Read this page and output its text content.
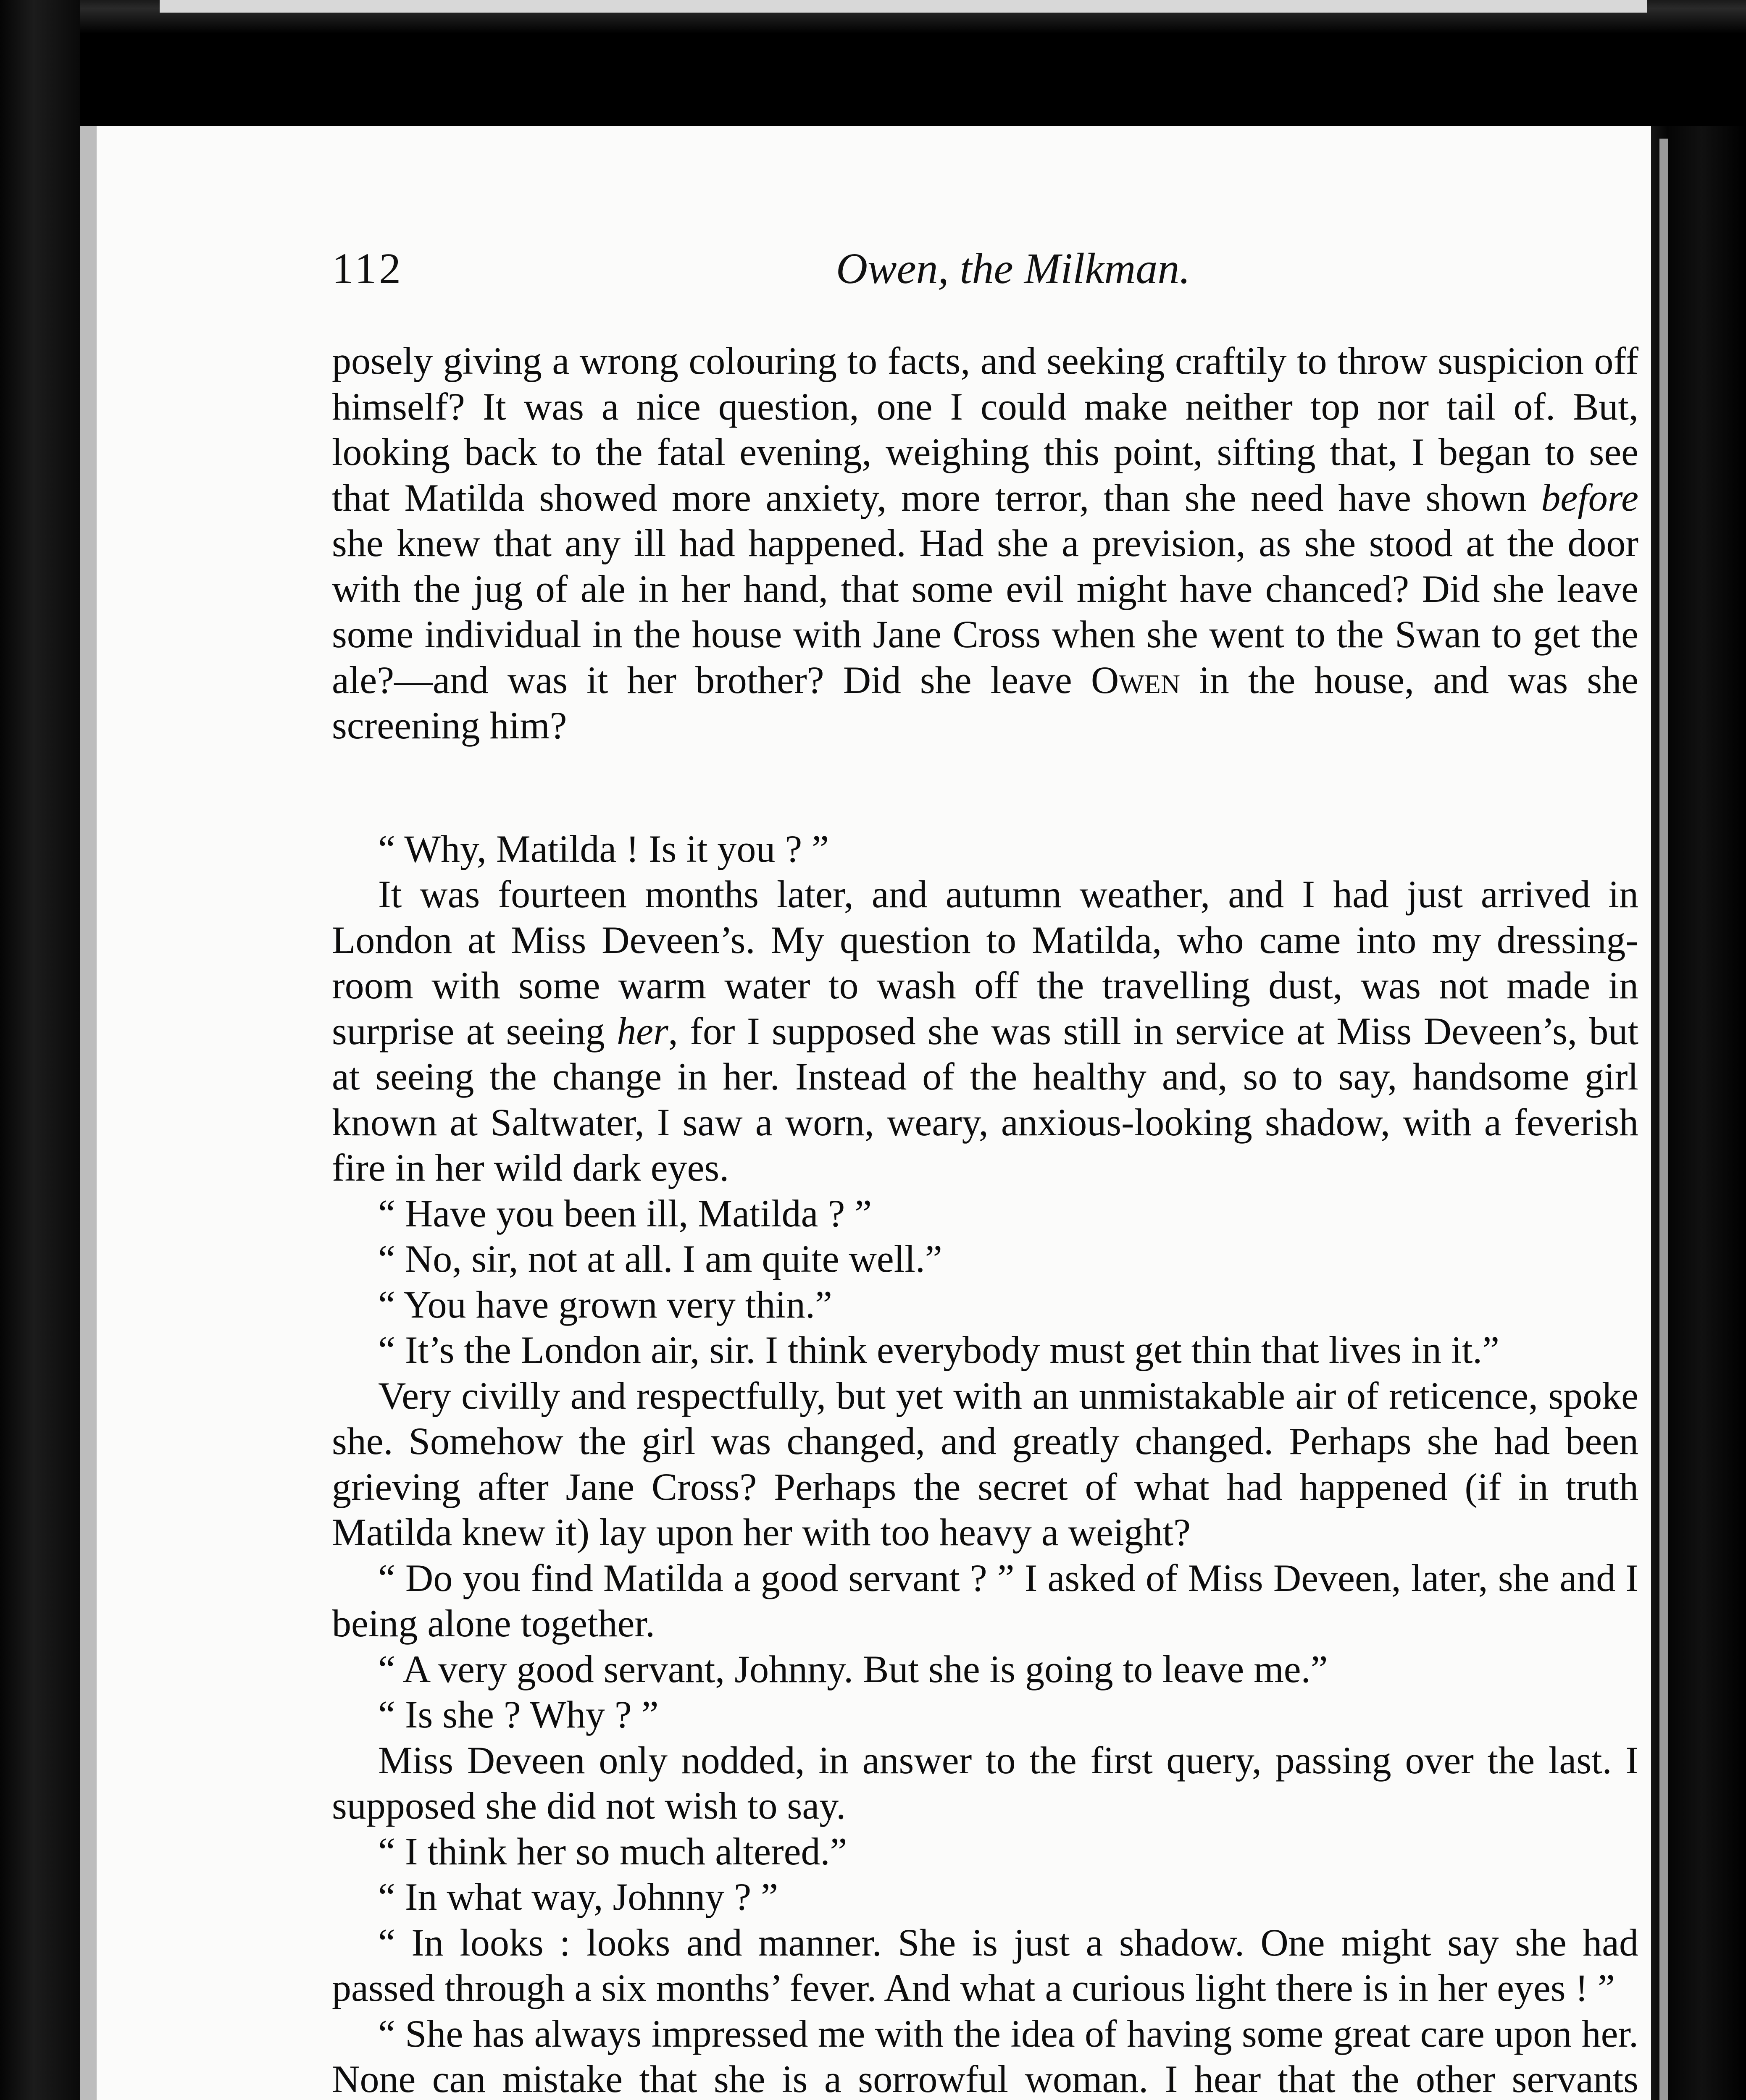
112	Owen, the Milkman.

posely giving a wrong colouring to facts, and seeking craftily to throw suspicion off himself? It was a nice question, one I could make neither top nor tail of. But, looking back to the fatal evening, weighing this point, sifting that, I began to see that Matilda showed more anxiety, more terror, than she need have shown before she knew that any ill had happened. Had she a prevision, as she stood at the door with the jug of ale in her hand, that some evil might have chanced? Did she leave some individual in the house with Jane Cross when she went to the Swan to get the ale?—and was it her brother? Did she leave Owen in the house, and was she screening him?

“ Why, Matilda ! Is it you ? ”

It was fourteen months later, and autumn weather, and I had just arrived in London at Miss Deveen’s. My question to Matilda, who came into my dressing-room with some warm water to wash off the travelling dust, was not made in surprise at seeing her, for I supposed she was still in service at Miss Deveen’s, but at seeing the change in her. Instead of the healthy and, so to say, handsome girl known at Saltwater, I saw a worn, weary, anxious-looking shadow, with a feverish fire in her wild dark eyes.

“ Have you been ill, Matilda ? ”

“ No, sir, not at all. I am quite well.”

“ You have grown very thin.”

“ It’s the London air, sir. I think everybody must get thin that lives in it.”

Very civilly and respectfully, but yet with an unmistakable air of reticence, spoke she. Somehow the girl was changed, and greatly changed. Perhaps she had been grieving after Jane Cross? Perhaps the secret of what had happened (if in truth Matilda knew it) lay upon her with too heavy a weight?

“ Do you find Matilda a good servant ? ” I asked of Miss Deveen, later, she and I being alone together.

“ A very good servant, Johnny. But she is going to leave me.”

“ Is she ? Why ? ”

Miss Deveen only nodded, in answer to the first query, passing over the last. I supposed she did not wish to say.

“ I think her so much altered.”

“ In what way, Johnny ? ”

“ In looks : looks and manner. She is just a shadow. One might say she had passed through a six months’ fever. And what a curious light there is in her eyes ! ”

“ She has always impressed me with the idea of having some great care upon her. None can mistake that she is a sorrowful woman. I hear that the other servants
